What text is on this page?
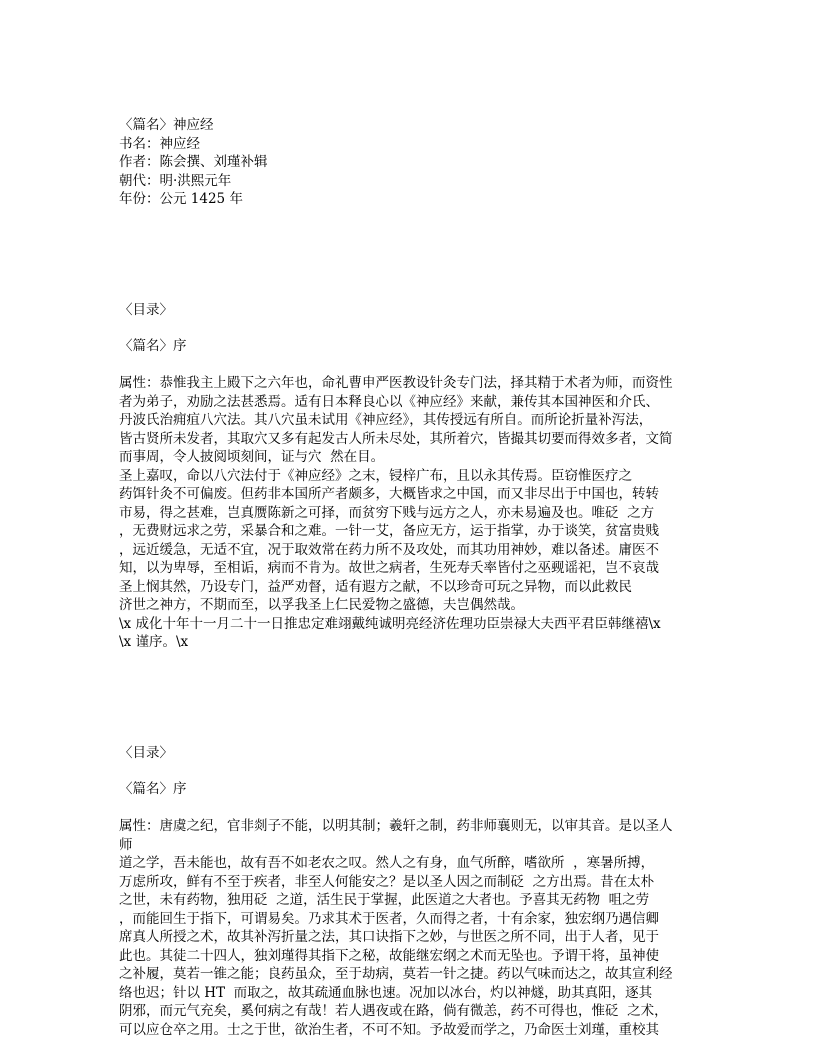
〈篇名〉神应经
书名：神应经
作者：陈会撰、刘瑾补辑
朝代：明·洪熙元年
年份：公元 1425 年
〈目录〉
〈篇名〉序
属性：恭惟我主上殿下之六年也，命礼曹申严医教设针灸专门法，择其精于术者为师，而资性
者为弟子，劝励之法甚悉焉。适有日本释良心以《神应经》来献，兼传其本国神医和介氏、
丹波氏治痈疽八穴法。其八穴虽未试用《神应经》，其传授远有所自。而所论折量补泻法，
皆古贤所未发者，其取穴又多有起发古人所未尽处，其所着穴，皆撮其切要而得效多者，文简
而事周，令人披阅顷刻间，证与穴  然在目。
圣上嘉叹，命以八穴法付于《神应经》之末，锓梓广布，且以永其传焉。臣窃惟医疗之
药饵针灸不可偏废。但药非本国所产者颇多，大概皆求之中国，而又非尽出于中国也，转转
市易，得之甚难，岂真赝陈新之可择，而贫穷下贱与远方之人，亦未易遍及也。唯砭  之方
，无费财远求之劳，采暴合和之难。一针一艾，备应无方，运于指掌，办于谈笑，贫富贵贱
，远近缓急，无适不宜，况于取效常在药力所不及攻处，而其功用神妙，难以备述。庸医不
知，以为卑辱，至相诟，病而不肯为。故世之病者，生死寿夭率皆付之巫觋谣祀，岂不哀哉
圣上悯其然，乃设专门，益严劝督，适有遐方之献，不以珍奇可玩之异物，而以此救民
济世之神方，不期而至，以孚我圣上仁民爱物之盛德，夫岂偶然哉。
\x 成化十年十一月二十一日推忠定难翊戴纯诚明亮经济佐理功臣崇禄大夫西平君臣韩继禧\x
\x 谨序。\x
〈目录〉
〈篇名〉序
属性：唐虞之纪，官非剡子不能，以明其制；羲轩之制，药非师襄则无，以审其音。是以圣人
师
道之学，吾未能也，故有吾不如老农之叹。然人之有身，血气所醉，嗜欲所  ，寒暑所搏，
万虑所攻，鲜有不至于疾者，非至人何能安之？是以圣人因之而制砭  之方出焉。昔在太朴
之世，未有药物，独用砭  之道，活生民于掌握，此医道之大者也。予喜其无药物  咀之劳
，而能回生于指下，可谓易矣。乃求其术于医者，久而得之者，十有余家，独宏纲乃遇信卿
席真人所授之术，故其补泻折量之法，其口诀指下之妙，与世医之所不同，出于人者，见于
此也。其徒二十四人，独刘瑾得其指下之秘，故能继宏纲之术而无坠也。予谓干将，虽神使
之补履，莫若一锥之能；良药虽众，至于劫病，莫若一针之捷。药以气味而达之，故其宣利经
络也迟；针以 HT  而取之，故其疏通血脉也速。况加以冰台，灼以神燧，助其真阳，逐其
阴邪，而元气充矣，奚何病之有哉！若人遇夜或在路，倘有微恙，药不可得也，惟砭  之术，
可以应仓卒之用。士之于世，欲治生者，不可不知。予故爱而学之，乃命医士刘瑾，重校其
